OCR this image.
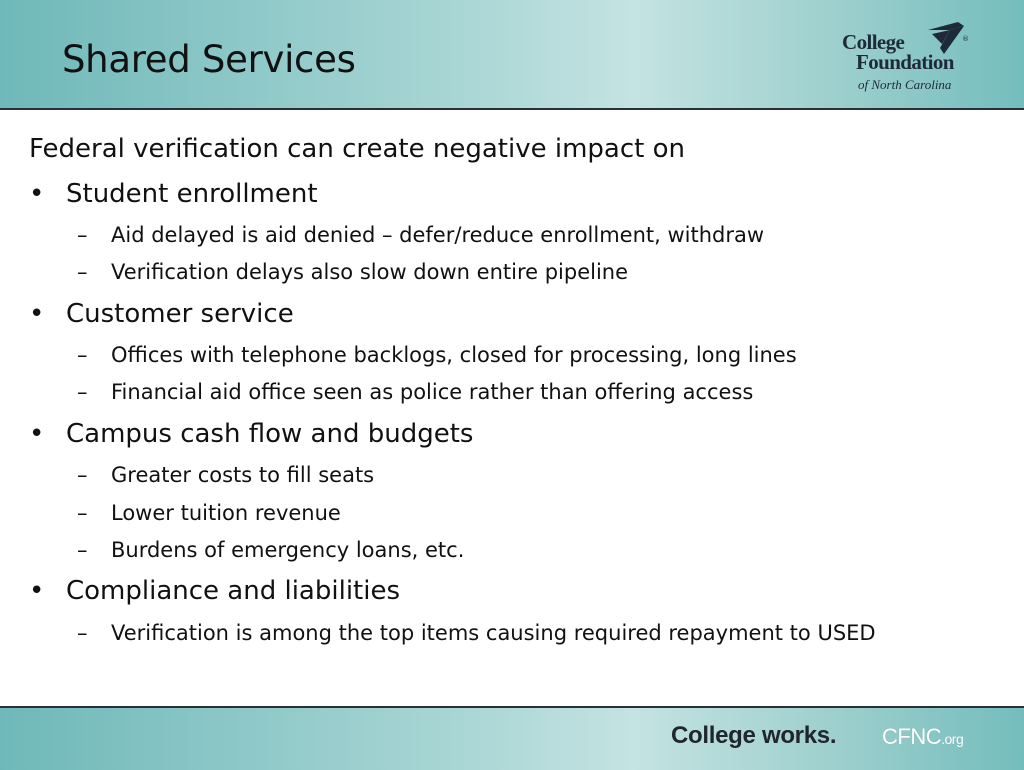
Shared Services	®
College
Foundation
of North Carolina
Federal verification can create negative impact on
• Student enrollment
– Aid delayed is aid denied – defer/reduce enrollment, withdraw
– Verification delays also slow down entire pipeline
• Customer service
– Offices with telephone backlogs, closed for processing, long lines
– Financial aid office seen as police rather than offering access
• Campus cash flow and budgets
– Greater costs to fill seats
– Lower tuition revenue
– Burdens of emergency loans, etc.
• Compliance and liabilities
– Verification is among the top items causing required repayment to USED
College works. CFNC.org
